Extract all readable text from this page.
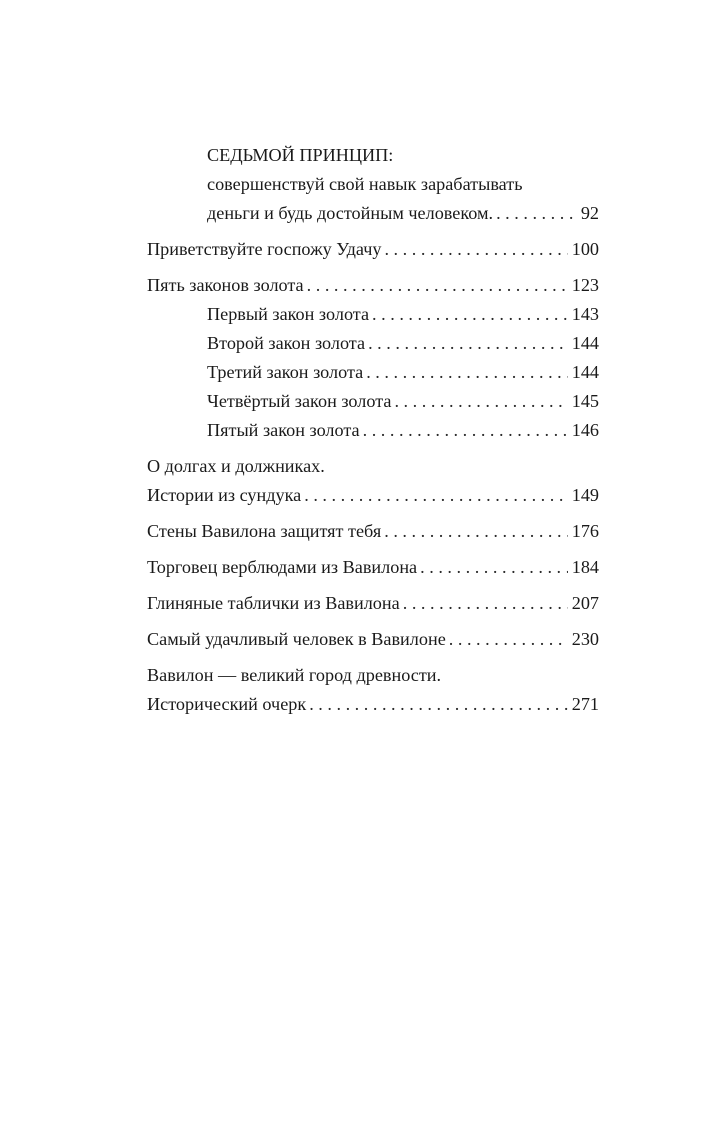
СЕДЬМОЙ ПРИНЦИП:
совершенствуй свой навык зарабатывать
деньги и будь достойным человеком. . . .	92
Приветствуйте госпожу Удачу . . .	100
Пять законов золота . . .	123
Первый закон золота . . .	143
Второй закон золота . . .	144
Третий закон золота . . .	144
Четвёртый закон золота . . .	145
Пятый закон золота . . .	146
О долгах и должниках.
Истории из сундука . . .	149
Стены Вавилона защитят тебя . . .	176
Торговец верблюдами из Вавилона . . .	184
Глиняные таблички из Вавилона . . .	207
Самый удачливый человек в Вавилоне . . .	230
Вавилон — великий город древности.
Исторический очерк . . .	271
